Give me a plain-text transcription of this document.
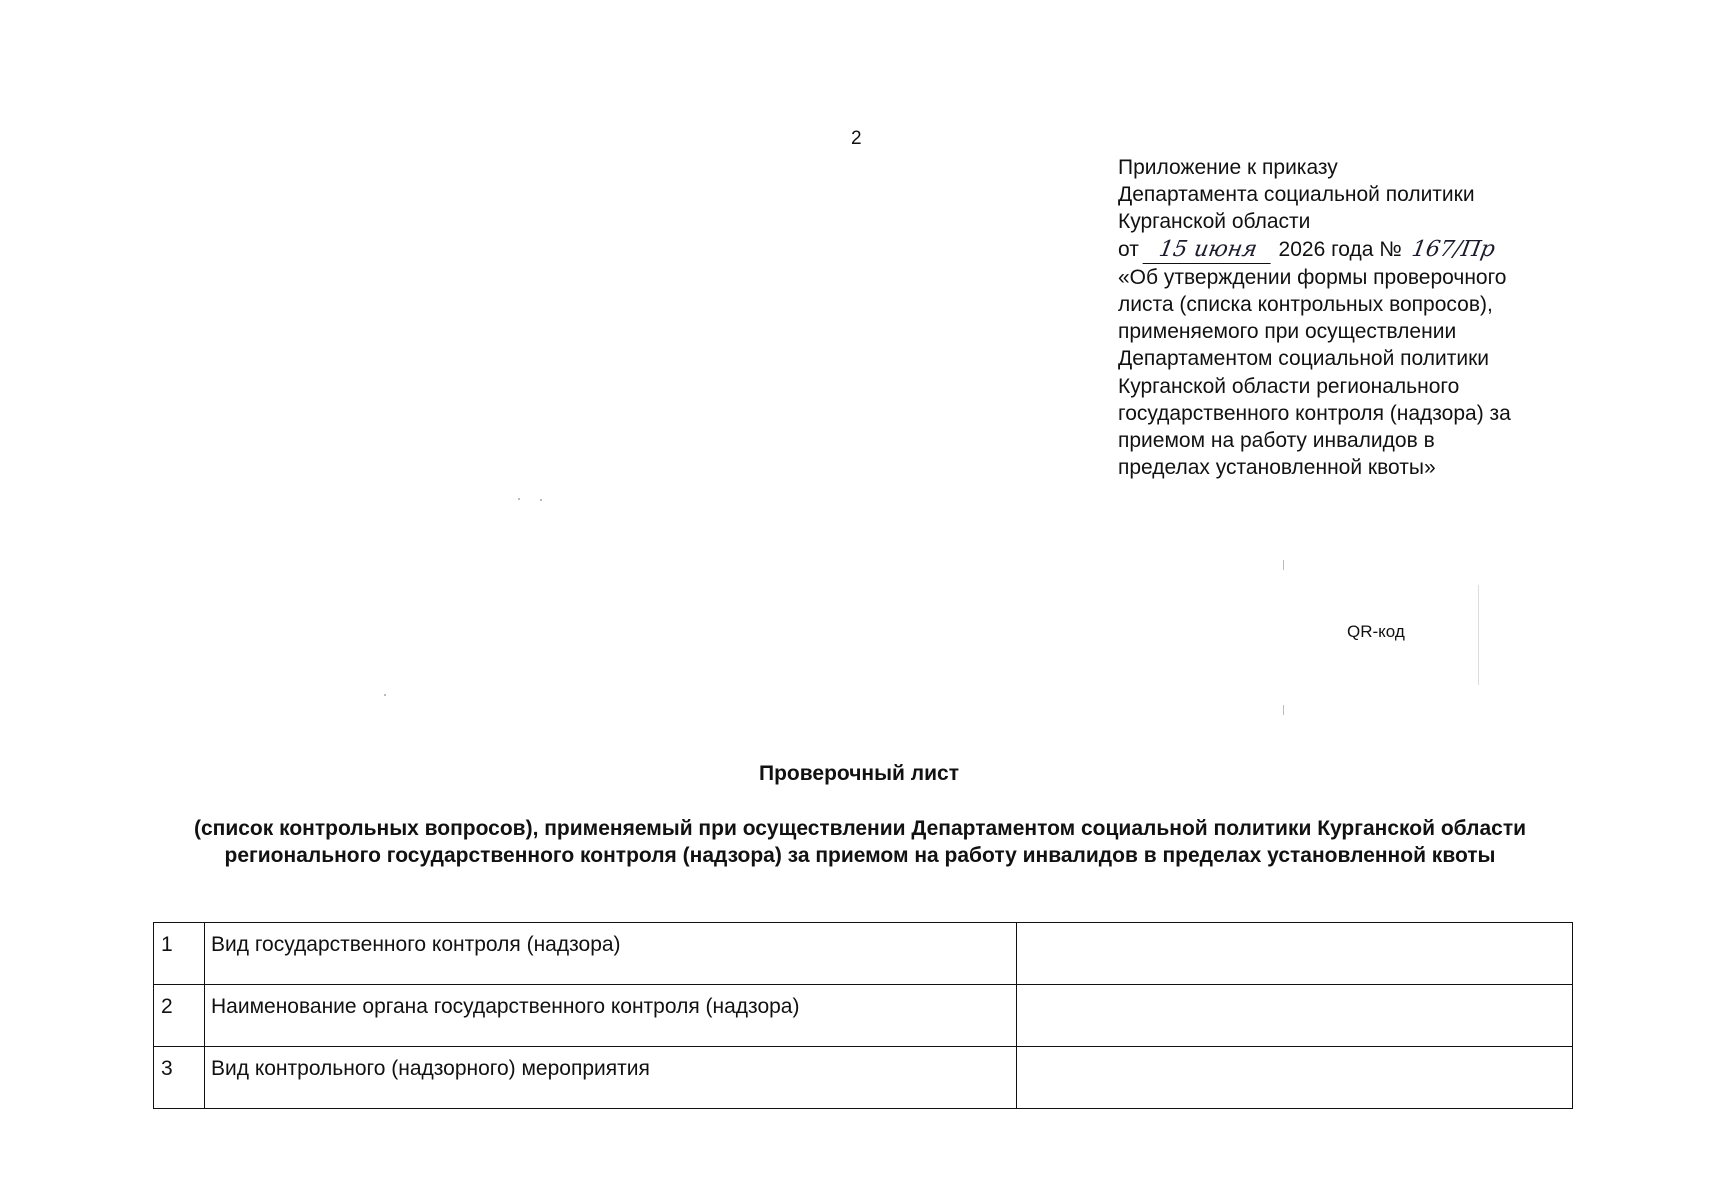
2
Приложение к приказу
Департамента социальной политики
Курганской области
от 15 июня 2026 года № 167/Пр
«Об утверждении формы проверочного
листа (списка контрольных вопросов),
применяемого при осуществлении
Департаментом социальной политики
Курганской области регионального
государственного контроля (надзора) за
приемом на работу инвалидов в
пределах установленной квоты»
QR-код
Проверочный лист
(список контрольных вопросов), применяемый при осуществлении Департаментом социальной политики Курганской области регионального государственного контроля (надзора) за приемом на работу инвалидов в пределах установленной квоты
1	Вид государственного контроля (надзора)	
2	Наименование органа государственного контроля (надзора)	
3	Вид контрольного (надзорного) мероприятия	
